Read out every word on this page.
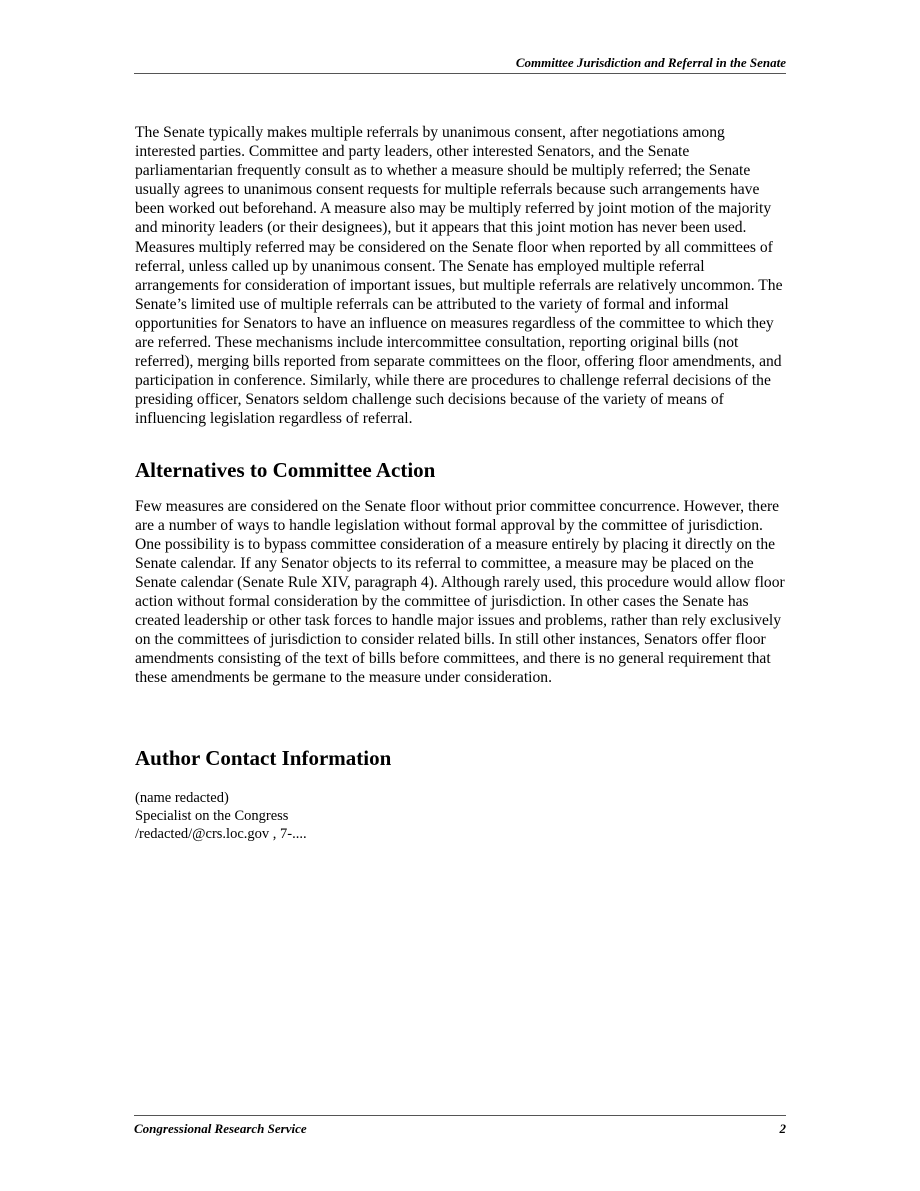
Committee Jurisdiction and Referral in the Senate

The Senate typically makes multiple referrals by unanimous consent, after negotiations among interested parties. Committee and party leaders, other interested Senators, and the Senate parliamentarian frequently consult as to whether a measure should be multiply referred; the Senate usually agrees to unanimous consent requests for multiple referrals because such arrangements have been worked out beforehand. A measure also may be multiply referred by joint motion of the majority and minority leaders (or their designees), but it appears that this joint motion has never been used. Measures multiply referred may be considered on the Senate floor when reported by all committees of referral, unless called up by unanimous consent. The Senate has employed multiple referral arrangements for consideration of important issues, but multiple referrals are relatively uncommon. The Senate’s limited use of multiple referrals can be attributed to the variety of formal and informal opportunities for Senators to have an influence on measures regardless of the committee to which they are referred. These mechanisms include intercommittee consultation, reporting original bills (not referred), merging bills reported from separate committees on the floor, offering floor amendments, and participation in conference. Similarly, while there are procedures to challenge referral decisions of the presiding officer, Senators seldom challenge such decisions because of the variety of means of influencing legislation regardless of referral.

Alternatives to Committee Action

Few measures are considered on the Senate floor without prior committee concurrence. However, there are a number of ways to handle legislation without formal approval by the committee of jurisdiction. One possibility is to bypass committee consideration of a measure entirely by placing it directly on the Senate calendar. If any Senator objects to its referral to committee, a measure may be placed on the Senate calendar (Senate Rule XIV, paragraph 4). Although rarely used, this procedure would allow floor action without formal consideration by the committee of jurisdiction. In other cases the Senate has created leadership or other task forces to handle major issues and problems, rather than rely exclusively on the committees of jurisdiction to consider related bills. In still other instances, Senators offer floor amendments consisting of the text of bills before committees, and there is no general requirement that these amendments be germane to the measure under consideration.

Author Contact Information

(name redacted)

Specialist on the Congress

/redacted/@crs.loc.gov , 7-....

Congressional Research Service	2
